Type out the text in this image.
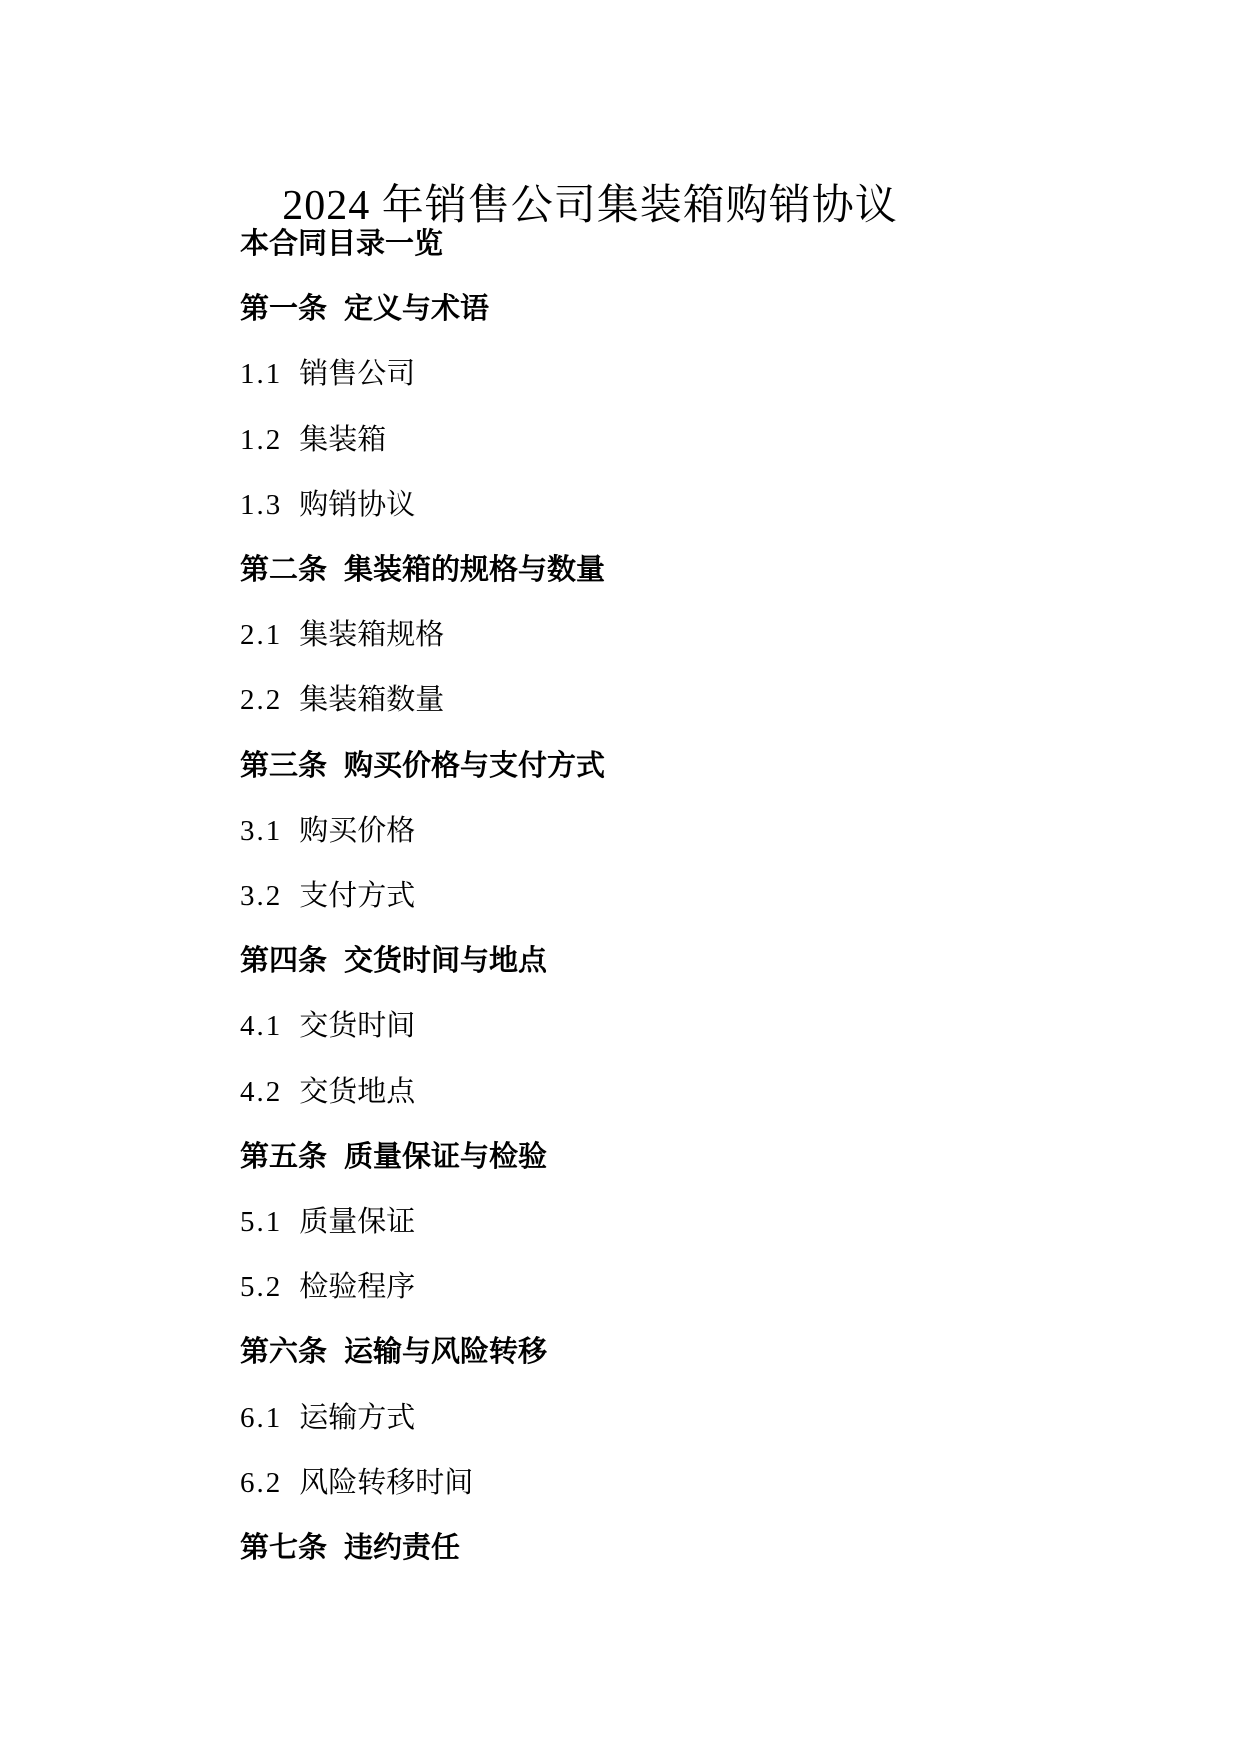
2024 年销售公司集装箱购销协议

本合同目录一览

第一条 定义与术语

1.1 销售公司

1.2 集装箱

1.3 购销协议

第二条 集装箱的规格与数量

2.1 集装箱规格

2.2 集装箱数量

第三条 购买价格与支付方式

3.1 购买价格

3.2 支付方式

第四条 交货时间与地点

4.1 交货时间

4.2 交货地点

第五条 质量保证与检验

5.1 质量保证

5.2 检验程序

第六条 运输与风险转移

6.1 运输方式

6.2 风险转移时间

第七条 违约责任
